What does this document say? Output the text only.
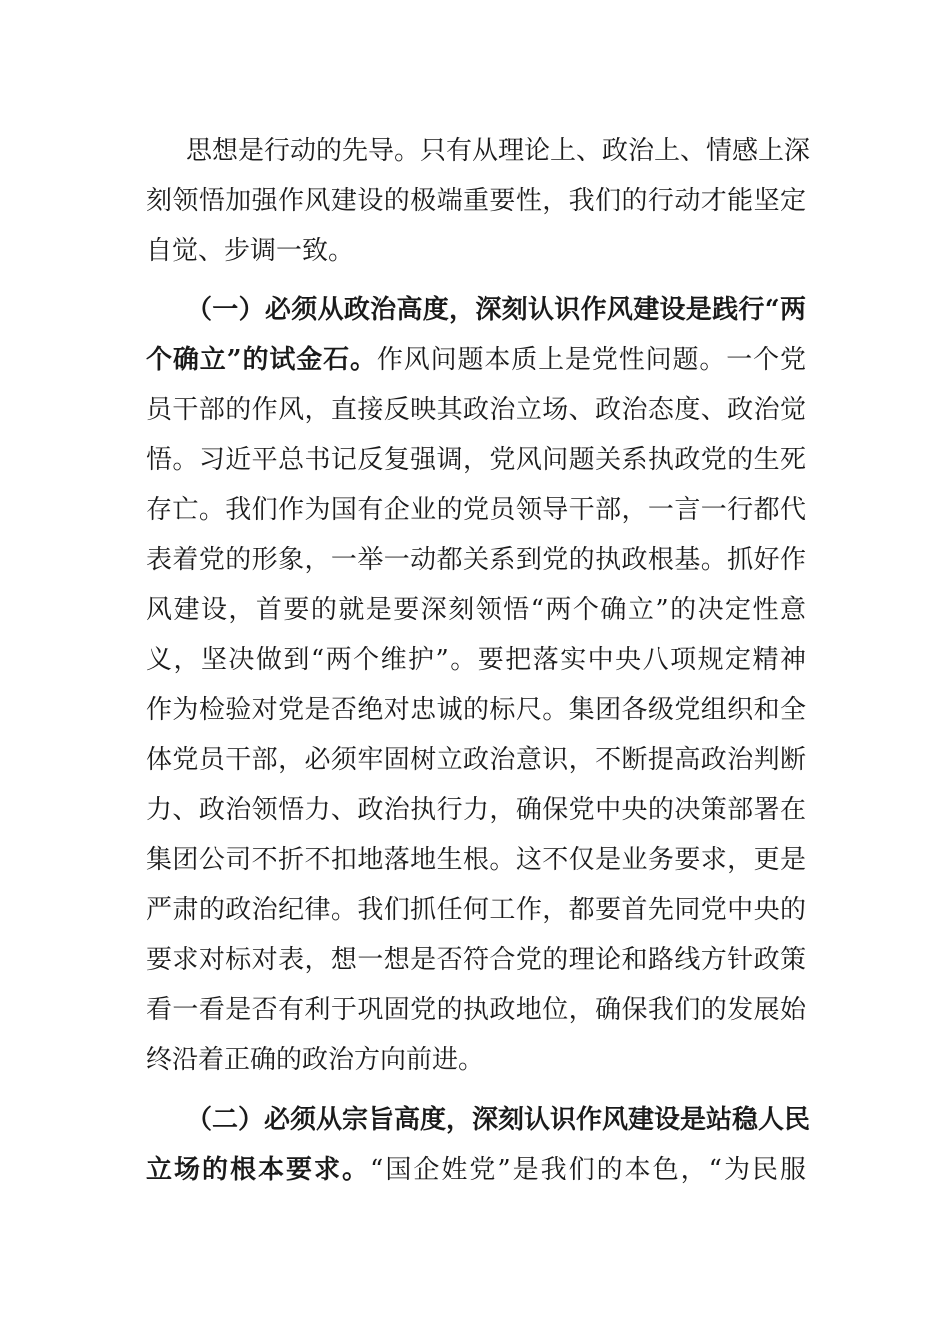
思想是行动的先导。只有从理论上、政治上、情感上深
刻领悟加强作风建设的极端重要性，我们的行动才能坚定
自觉、步调一致。
（一）必须从政治高度，深刻认识作风建设是践行“两
个确立”的试金石。作风问题本质上是党性问题。一个党
员干部的作风，直接反映其政治立场、政治态度、政治觉
悟。习近平总书记反复强调，党风问题关系执政党的生死
存亡。我们作为国有企业的党员领导干部，一言一行都代
表着党的形象，一举一动都关系到党的执政根基。抓好作
风建设，首要的就是要深刻领悟“两个确立”的决定性意
义，坚决做到“两个维护”。要把落实中央八项规定精神
作为检验对党是否绝对忠诚的标尺。集团各级党组织和全
体党员干部，必须牢固树立政治意识，不断提高政治判断
力、政治领悟力、政治执行力，确保党中央的决策部署在
集团公司不折不扣地落地生根。这不仅是业务要求，更是
严肃的政治纪律。我们抓任何工作，都要首先同党中央的
要求对标对表，想一想是否符合党的理论和路线方针政策
看一看是否有利于巩固党的执政地位，确保我们的发展始
终沿着正确的政治方向前进。
（二）必须从宗旨高度，深刻认识作风建设是站稳人民
立场的根本要求。“国企姓党”是我们的本色，“为民服
